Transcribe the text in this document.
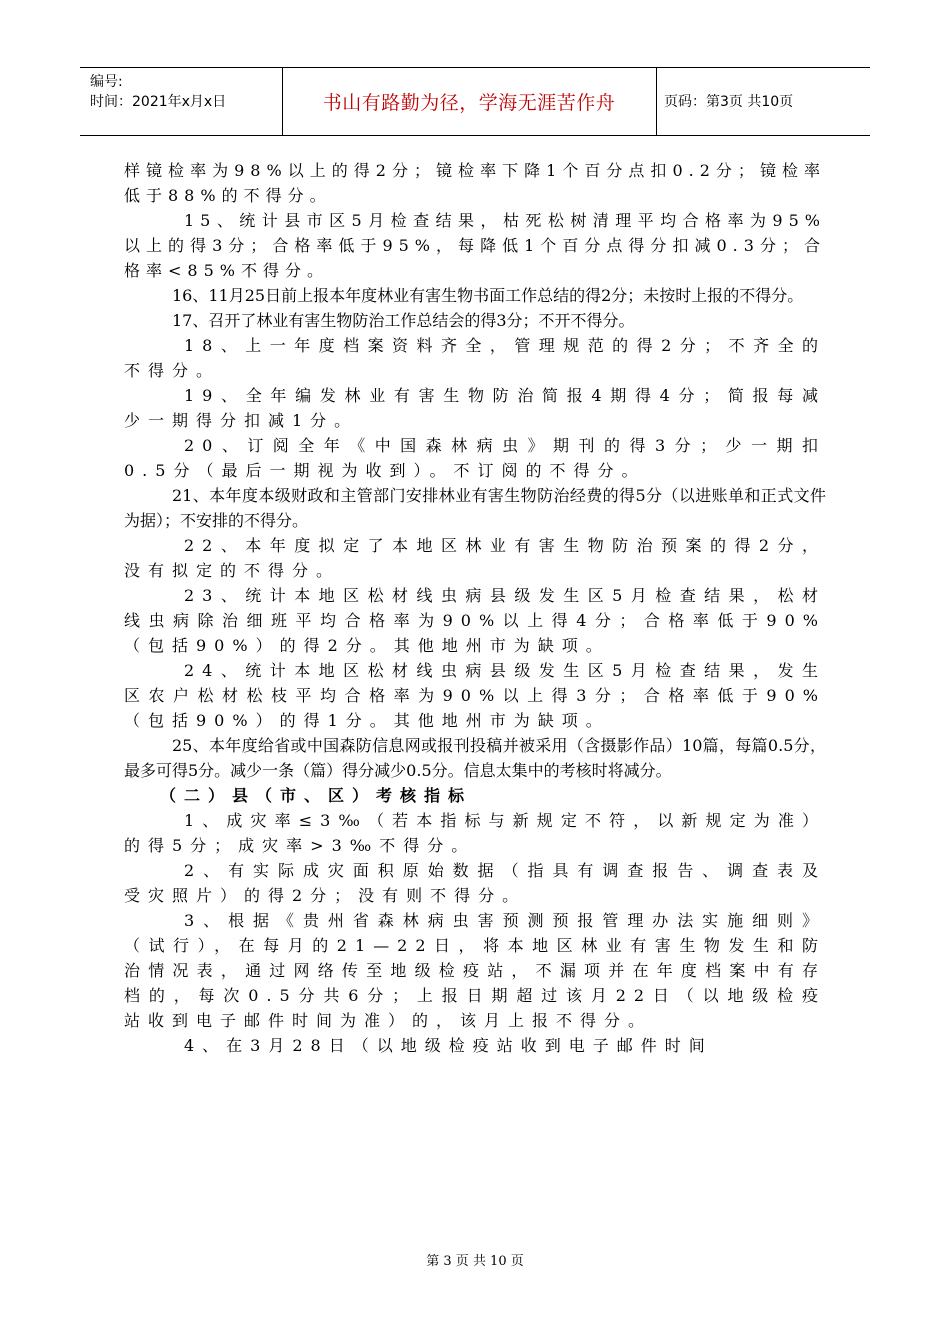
编号:
时间：2021年x月x日	书山有路勤为径，学海无涯苦作舟	页码：第3页 共10页

样镜检率为98%以上的得2分；镜检率下降1个百分点扣0.2分；镜检率低于88%的不得分。

15、统计县市区5月检查结果，枯死松树清理平均合格率为95%以上的得3分；合格率低于95%，每降低1个百分点得分扣减0.3分；合格率<85%不得分。

16、11月25日前上报本年度林业有害生物书面工作总结的得2分；未按时上报的不得分。

17、召开了林业有害生物防治工作总结会的得3分；不开不得分。

18、上一年度档案资料齐全，管理规范的得2分；不齐全的不得分。

19、全年编发林业有害生物防治简报4期得4分；简报每减少一期得分扣减1分。

20、订阅全年《中国森林病虫》期刊的得3分；少一期扣0.5分（最后一期视为收到）。不订阅的不得分。

21、本年度本级财政和主管部门安排林业有害生物防治经费的得5分（以进账单和正式文件为据）；不安排的不得分。

22、本年度拟定了本地区林业有害生物防治预案的得2分，没有拟定的不得分。

23、统计本地区松材线虫病县级发生区5月检查结果，松材线虫病除治细班平均合格率为90%以上得4分；合格率低于90%（包括90%）的得2分。其他地州市为缺项。

24、统计本地区松材线虫病县级发生区5月检查结果，发生区农户松材松枝平均合格率为90%以上得3分；合格率低于90%（包括90%）的得1分。其他地州市为缺项。

25、本年度给省或中国森防信息网或报刊投稿并被采用（含摄影作品）10篇，每篇0.5分，最多可得5分。减少一条（篇）得分减少0.5分。信息太集中的考核时将减分。

（二）县（市、区）考核指标

1、成灾率≤3‰（若本指标与新规定不符，以新规定为准）的得5分；成灾率>3‰不得分。

2、有实际成灾面积原始数据（指具有调查报告、调查表及受灾照片）的得2分；没有则不得分。

3、根据《贵州省森林病虫害预测预报管理办法实施细则》（试行），在每月的21—22日，将本地区林业有害生物发生和防治情况表，通过网络传至地级检疫站，不漏项并在年度档案中有存档的，每次0.5分共6分；上报日期超过该月22日（以地级检疫站收到电子邮件时间为准）的，该月上报不得分。

4、在3月28日（以地级检疫站收到电子邮件时间

第 3 页 共 10 页
